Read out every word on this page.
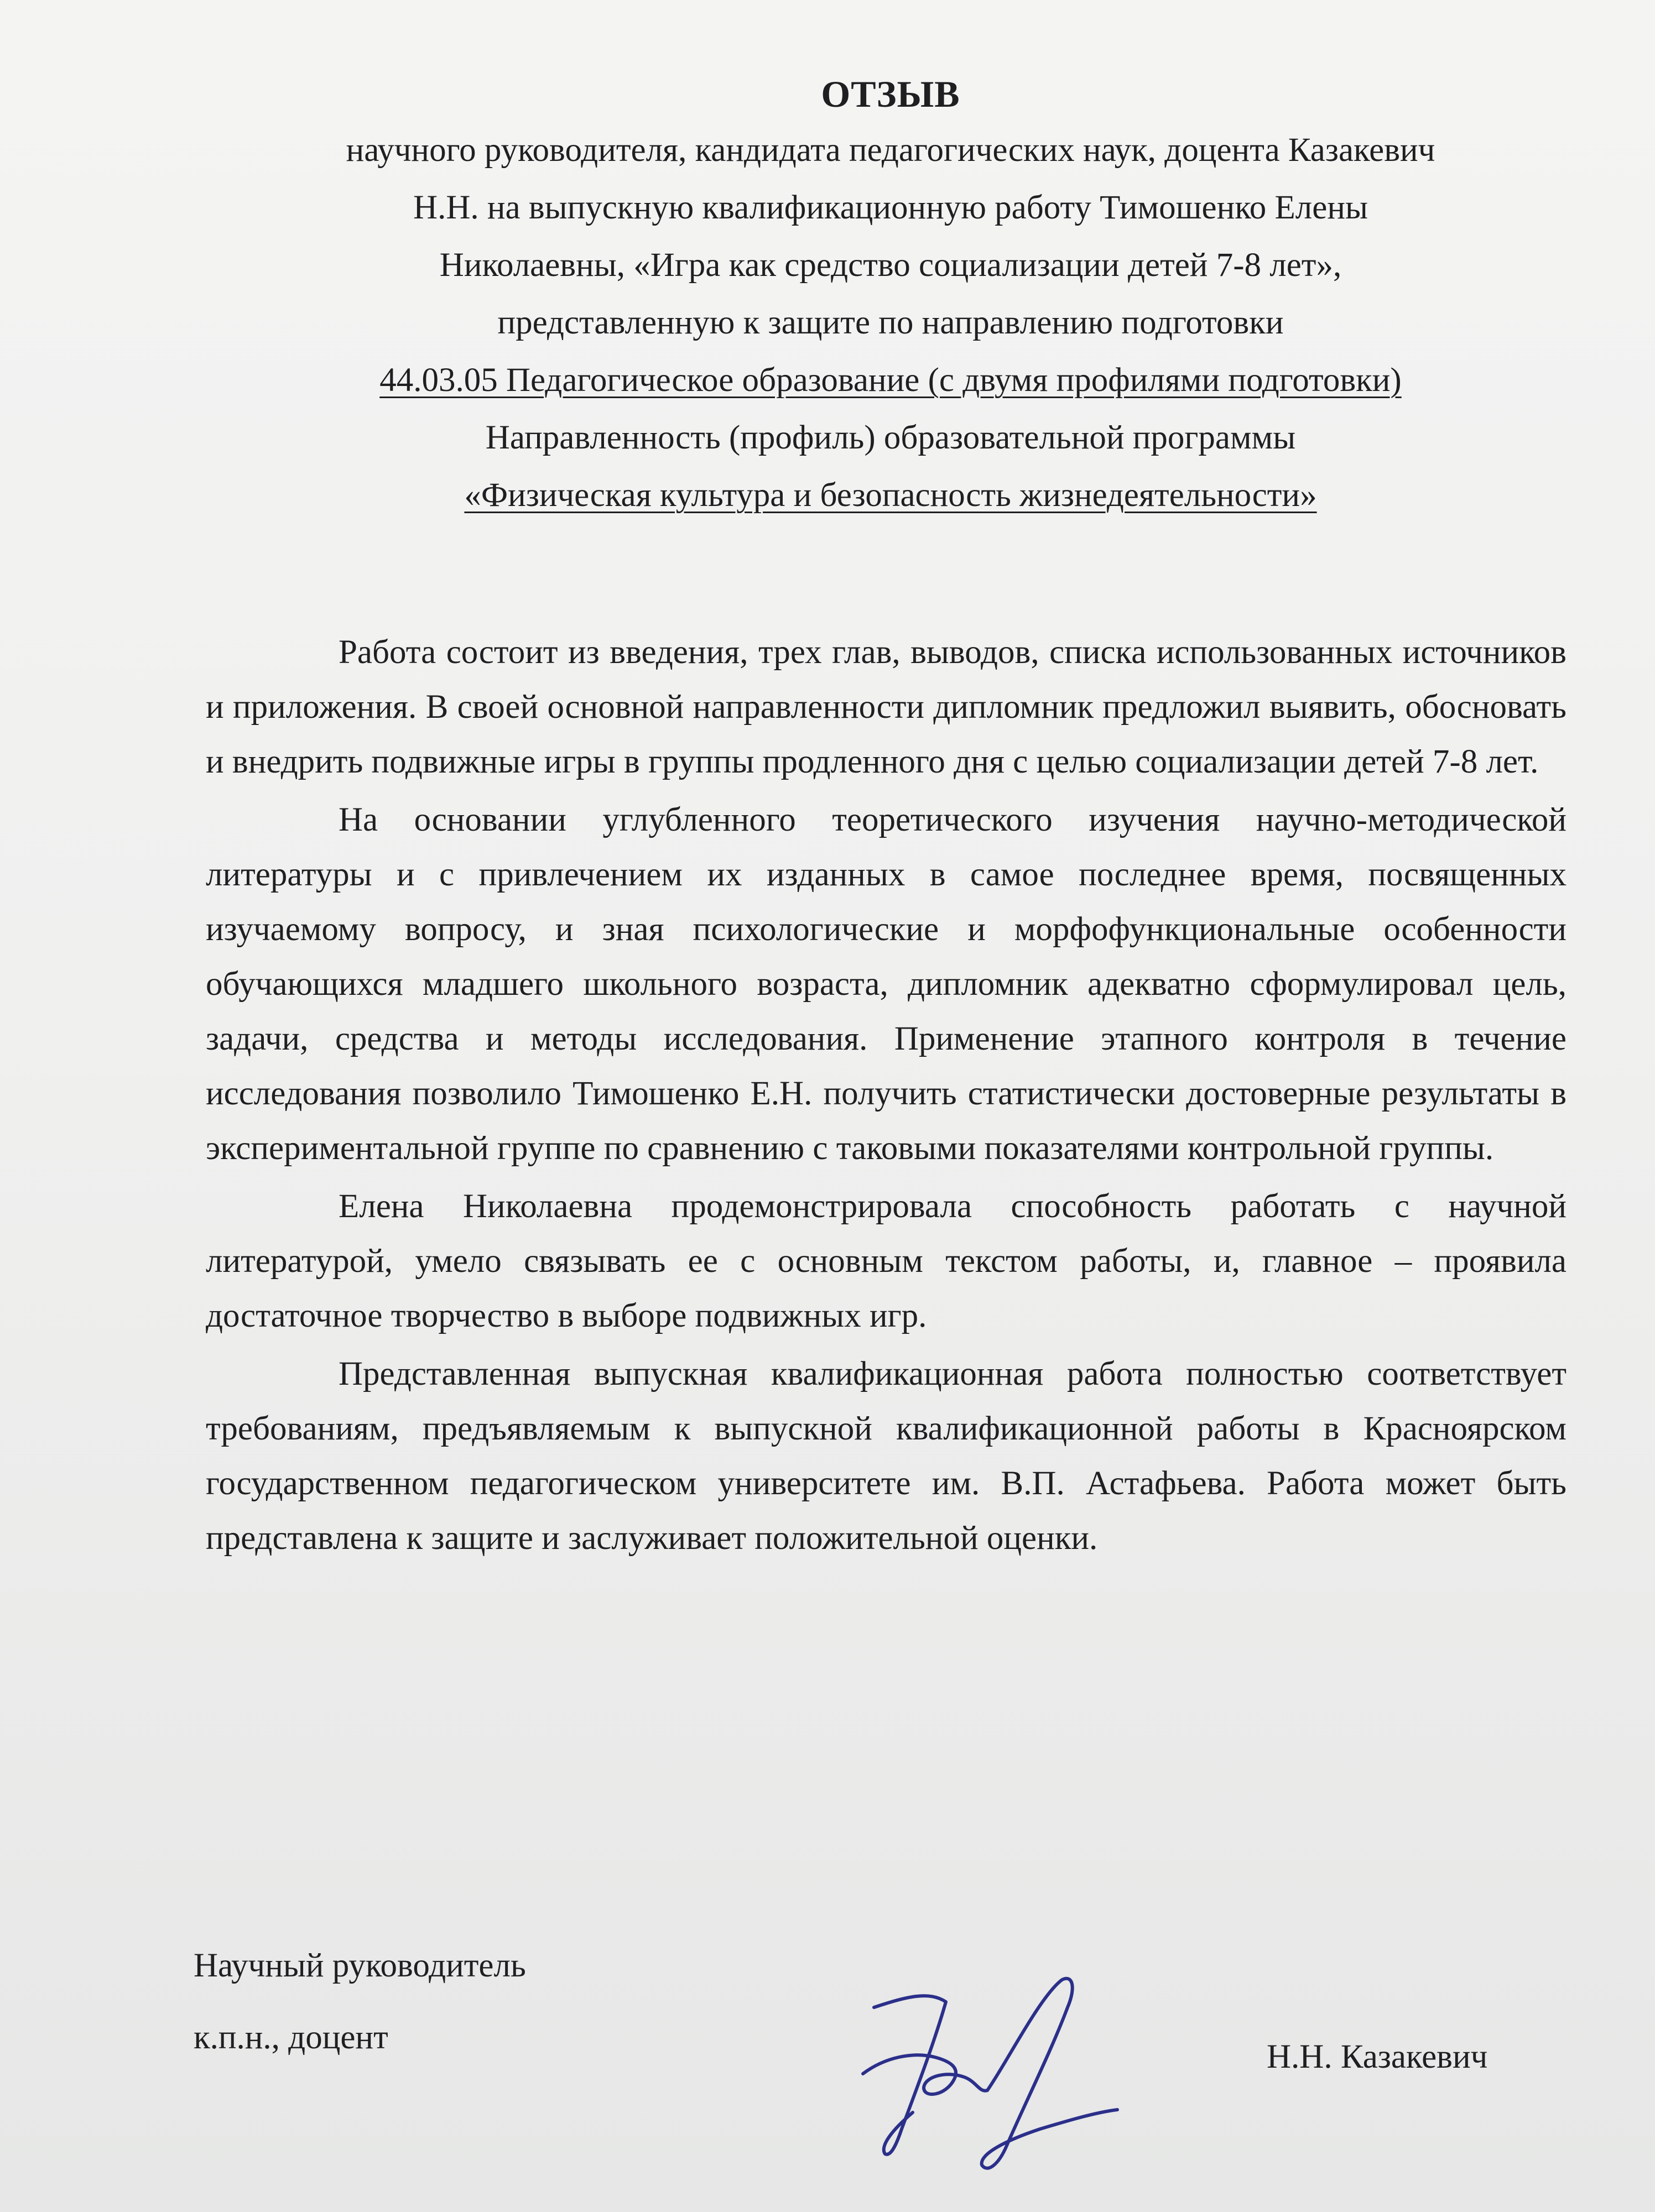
ОТЗЫВ
научного руководителя, кандидата педагогических наук, доцента Казакевич
Н.Н. на выпускную квалификационную работу Тимошенко Елены
Николаевны, «Игра как средство социализации детей 7-8 лет»,
представленную к защите по направлению подготовки
44.03.05 Педагогическое образование (с двумя профилями подготовки)
Направленность (профиль) образовательной программы
«Физическая культура и безопасность жизнедеятельности»

Работа состоит из введения, трех глав, выводов, списка использованных источников и приложения. В своей основной направленности дипломник предложил выявить, обосновать и внедрить подвижные игры в группы продленного дня с целью социализации детей 7-8 лет.

На основании углубленного теоретического изучения научно-методической литературы и с привлечением их изданных в самое последнее время, посвященных изучаемому вопросу, и зная психологические и морфофункциональные особенности обучающихся младшего школьного возраста, дипломник адекватно сформулировал цель, задачи, средства и методы исследования. Применение этапного контроля в течение исследования позволило Тимошенко Е.Н. получить статистически достоверные результаты в экспериментальной группе по сравнению с таковыми показателями контрольной группы.

Елена Николаевна продемонстрировала способность работать с научной литературой, умело связывать ее с основным текстом работы, и, главное – проявила достаточное творчество в выборе подвижных игр.

Представленная выпускная квалификационная работа полностью соответствует требованиям, предъявляемым к выпускной квалификационной работы в Красноярском государственном педагогическом университете им. В.П. Астафьева. Работа может быть представлена к защите и заслуживает положительной оценки.

Научный руководитель
к.п.н., доцент
Н.Н. Казакевич
